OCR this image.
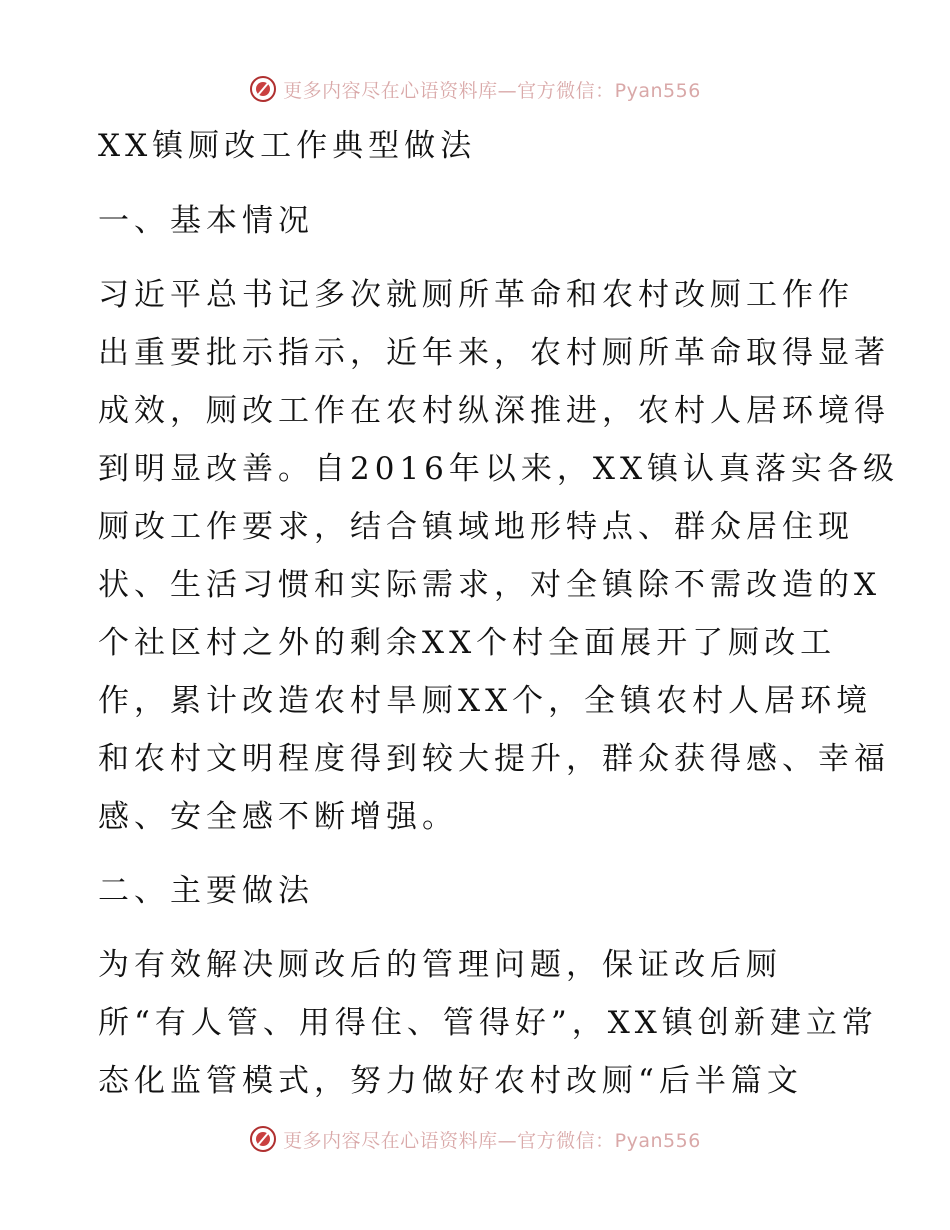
更多内容尽在心语资料库—官方微信：Pyan556
XX镇厕改工作典型做法
一、基本情况
习近平总书记多次就厕所革命和农村改厕工作作
出重要批示指示，近年来，农村厕所革命取得显著
成效，厕改工作在农村纵深推进，农村人居环境得
到明显改善。自2016年以来，XX镇认真落实各级
厕改工作要求，结合镇域地形特点、群众居住现
状、生活习惯和实际需求，对全镇除不需改造的X
个社区村之外的剩余XX个村全面展开了厕改工
作，累计改造农村旱厕XX个，全镇农村人居环境
和农村文明程度得到较大提升，群众获得感、幸福
感、安全感不断增强。
二、主要做法
为有效解决厕改后的管理问题，保证改后厕
所“有人管、用得住、管得好”，XX镇创新建立常
态化监管模式，努力做好农村改厕“后半篇文
更多内容尽在心语资料库—官方微信：Pyan556
